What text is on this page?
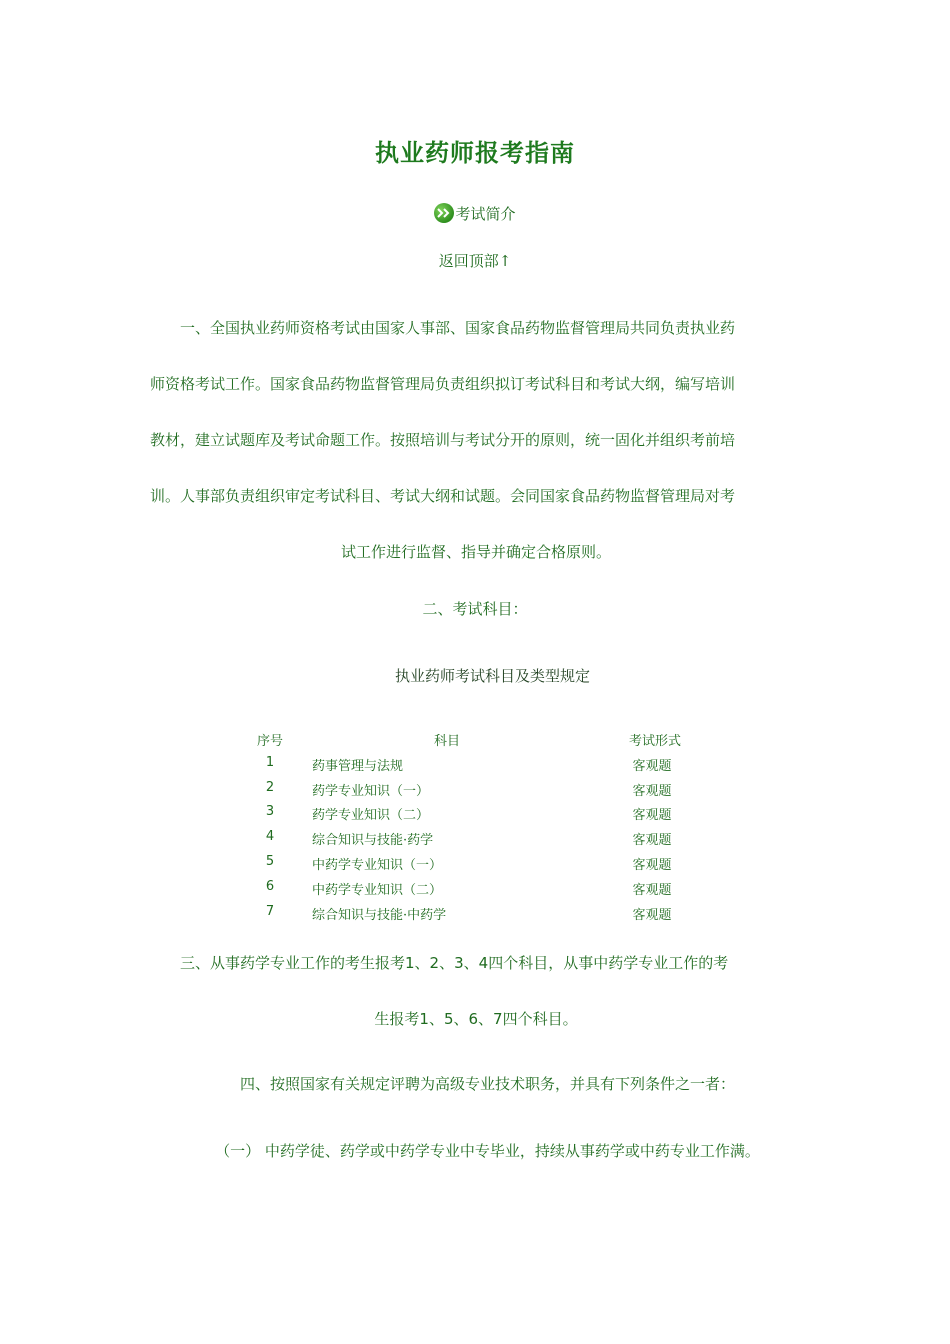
执业药师报考指南
考试简介
返回顶部↑
一、全国执业药师资格考试由国家人事部、国家食品药物监督管理局共同负责执业药
师资格考试工作。国家食品药物监督管理局负责组织拟订考试科目和考试大纲，编写培训
教材，建立试题库及考试命题工作。按照培训与考试分开的原则，统一固化并组织考前培
训。人事部负责组织审定考试科目、考试大纲和试题。会同国家食品药物监督管理局对考
试工作进行监督、指导并确定合格原则。
二、考试科目：
执业药师考试科目及类型规定
序号	科目	考试形式
1	药事管理与法规	客观题
2	药学专业知识（一）	客观题
3	药学专业知识（二）	客观题
4	综合知识与技能·药学	客观题
5	中药学专业知识（一）	客观题
6	中药学专业知识（二）	客观题
7	综合知识与技能·中药学	客观题
三、从事药学专业工作的考生报考1、2、3、4四个科目，从事中药学专业工作的考
生报考1、5、6、7四个科目。
四、按照国家有关规定评聘为高级专业技术职务，并具有下列条件之一者：
（一） 中药学徒、药学或中药学专业中专毕业，持续从事药学或中药专业工作满。
